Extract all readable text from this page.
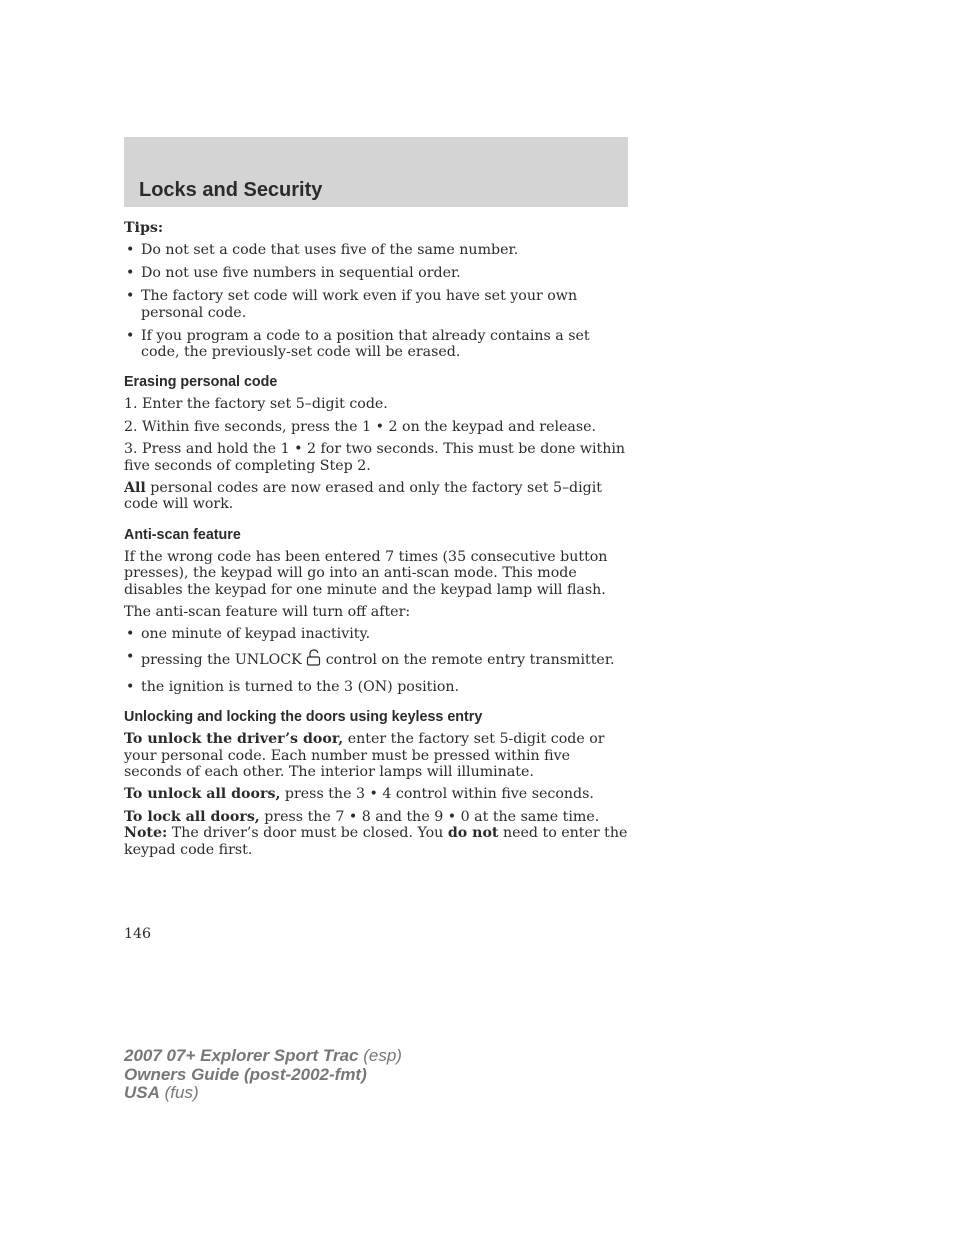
Locks and Security

Tips:

• Do not set a code that uses five of the same number.
• Do not use five numbers in sequential order.
• The factory set code will work even if you have set your own personal code.
• If you program a code to a position that already contains a set code, the previously-set code will be erased.
Erasing personal code

1. Enter the factory set 5–digit code.

2. Within five seconds, press the 1 • 2 on the keypad and release.

3. Press and hold the 1 • 2 for two seconds. This must be done within five seconds of completing Step 2.

All personal codes are now erased and only the factory set 5–digit code will work.

Anti-scan feature

If the wrong code has been entered 7 times (35 consecutive button presses), the keypad will go into an anti-scan mode. This mode disables the keypad for one minute and the keypad lamp will flash.

The anti-scan feature will turn off after:

• one minute of keypad inactivity.
• pressing the UNLOCK control on the remote entry transmitter.
• the ignition is turned to the 3 (ON) position.
Unlocking and locking the doors using keyless entry

To unlock the driver’s door, enter the factory set 5-digit code or your personal code. Each number must be pressed within five seconds of each other. The interior lamps will illuminate.

To unlock all doors, press the 3 • 4 control within five seconds.

To lock all doors, press the 7 • 8 and the 9 • 0 at the same time.

Note: The driver’s door must be closed. You do not need to enter the keypad code first.

146
2007 07+ Explorer Sport Trac (esp)
Owners Guide (post-2002-fmt)
USA (fus)
